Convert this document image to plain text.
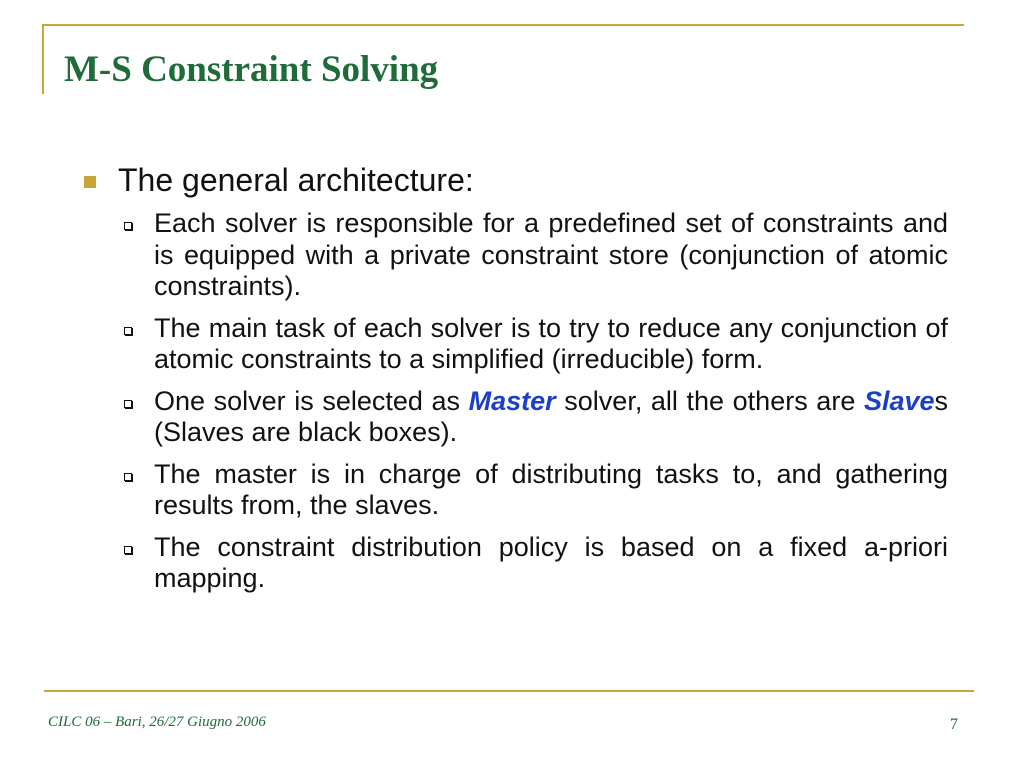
M-S Constraint Solving
The general architecture:
Each solver is responsible for a predefined set of constraints and is equipped with a private constraint store (conjunction of atomic constraints).
The main task of each solver is to try to reduce any conjunction of atomic constraints to a simplified (irreducible) form.
One solver is selected as Master solver, all the others are Slaves (Slaves are black boxes).
The master is in charge of distributing tasks to, and gathering results from, the slaves.
The constraint distribution policy is based on a fixed a-priori mapping.
CILC 06 – Bari, 26/27 Giugno 2006	7
